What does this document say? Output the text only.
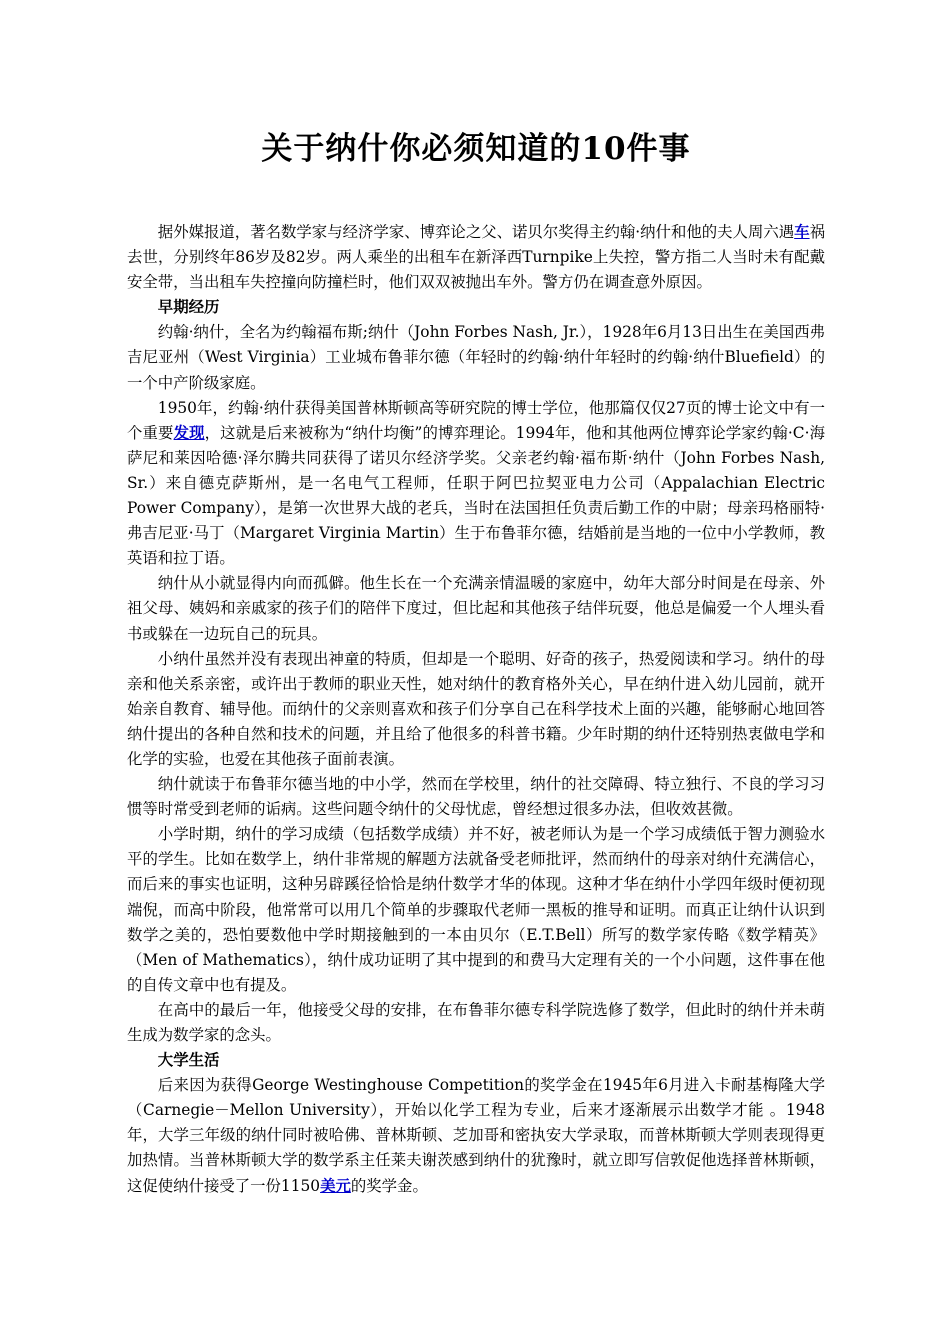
关于纳什你必须知道的10件事

据外媒报道，著名数学家与经济学家、博弈论之父、诺贝尔奖得主约翰·纳什和他的夫人周六遇车祸去世，分别终年86岁及82岁。两人乘坐的出租车在新泽西Turnpike上失控，警方指二人当时未有配戴安全带，当出租车失控撞向防撞栏时，他们双双被抛出车外。警方仍在调查意外原因。

早期经历

约翰·纳什，全名为约翰福布斯;纳什（John Forbes Nash, Jr.），1928年6月13日出生在美国西弗吉尼亚州（West Virginia）工业城布鲁菲尔德（年轻时的约翰·纳什年轻时的约翰·纳什Bluefield）的一个中产阶级家庭。

1950年，约翰·纳什获得美国普林斯顿高等研究院的博士学位，他那篇仅仅27页的博士论文中有一个重要发现，这就是后来被称为“纳什均衡”的博弈理论。1994年，他和其他两位博弈论学家约翰·C·海萨尼和莱因哈德·泽尔腾共同获得了诺贝尔经济学奖。父亲老约翰·福布斯·纳什（John Forbes Nash, Sr.）来自德克萨斯州，是一名电气工程师，任职于阿巴拉契亚电力公司（Appalachian Electric Power Company），是第一次世界大战的老兵，当时在法国担任负责后勤工作的中尉；母亲玛格丽特·弗吉尼亚·马丁（Margaret Virginia Martin）生于布鲁菲尔德，结婚前是当地的一位中小学教师，教英语和拉丁语。

纳什从小就显得内向而孤僻。他生长在一个充满亲情温暖的家庭中，幼年大部分时间是在母亲、外祖父母、姨妈和亲戚家的孩子们的陪伴下度过，但比起和其他孩子结伴玩耍，他总是偏爱一个人埋头看书或躲在一边玩自己的玩具。

小纳什虽然并没有表现出神童的特质，但却是一个聪明、好奇的孩子，热爱阅读和学习。纳什的母亲和他关系亲密，或许出于教师的职业天性，她对纳什的教育格外关心，早在纳什进入幼儿园前，就开始亲自教育、辅导他。而纳什的父亲则喜欢和孩子们分享自己在科学技术上面的兴趣，能够耐心地回答纳什提出的各种自然和技术的问题，并且给了他很多的科普书籍。少年时期的纳什还特别热衷做电学和化学的实验，也爱在其他孩子面前表演。

纳什就读于布鲁菲尔德当地的中小学，然而在学校里，纳什的社交障碍、特立独行、不良的学习习惯等时常受到老师的诟病。这些问题令纳什的父母忧虑，曾经想过很多办法，但收效甚微。

小学时期，纳什的学习成绩（包括数学成绩）并不好，被老师认为是一个学习成绩低于智力测验水平的学生。比如在数学上，纳什非常规的解题方法就备受老师批评，然而纳什的母亲对纳什充满信心，而后来的事实也证明，这种另辟蹊径恰恰是纳什数学才华的体现。这种才华在纳什小学四年级时便初现端倪，而高中阶段，他常常可以用几个简单的步骤取代老师一黑板的推导和证明。而真正让纳什认识到数学之美的，恐怕要数他中学时期接触到的一本由贝尔（E.T.Bell）所写的数学家传略《数学精英》（Men of Mathematics），纳什成功证明了其中提到的和费马大定理有关的一个小问题，这件事在他的自传文章中也有提及。

在高中的最后一年，他接受父母的安排，在布鲁菲尔德专科学院选修了数学，但此时的纳什并未萌生成为数学家的念头。

大学生活

后来因为获得George Westinghouse Competition的奖学金在1945年6月进入卡耐基梅隆大学（Carnegie－Mellon University），开始以化学工程为专业，后来才逐渐展示出数学才能 。1948年，大学三年级的纳什同时被哈佛、普林斯顿、芝加哥和密执安大学录取，而普林斯顿大学则表现得更加热情。当普林斯顿大学的数学系主任莱夫谢茨感到纳什的犹豫时，就立即写信敦促他选择普林斯顿，这促使纳什接受了一份1150美元的奖学金。
